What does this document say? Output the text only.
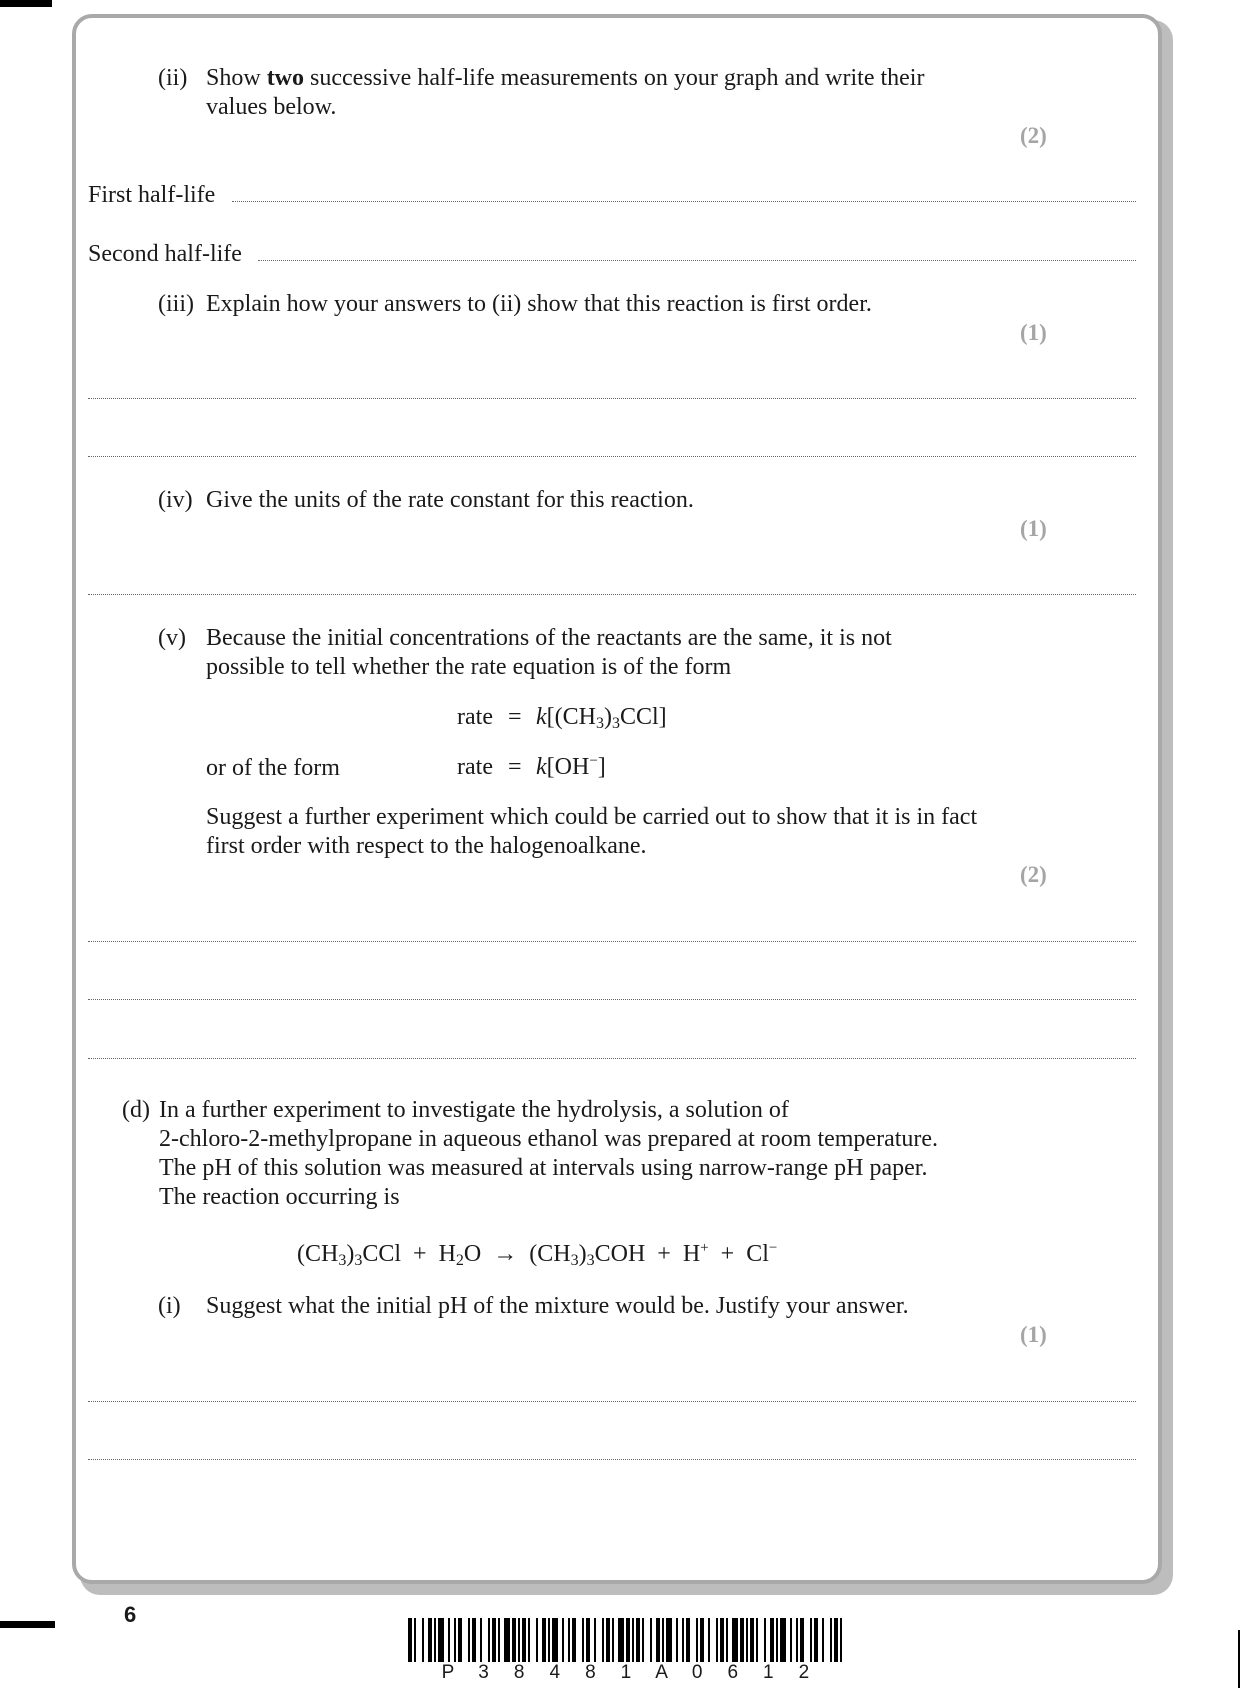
(ii) Show two successive half-life measurements on your graph and write their
values below.
(2)
First half-life
Second half-life
(iii) Explain how your answers to (ii) show that this reaction is first order.
(1)
(iv) Give the units of the rate constant for this reaction.
(1)
(v) Because the initial concentrations of the reactants are the same, it is not
possible to tell whether the rate equation is of the form
rate = $k[(CH_3)_3CCl]$
or of the form	rate = k[OH−]
Suggest a further experiment which could be carried out to show that it is in fact
first order with respect to the halogenoalkane.
(2)
(d) In a further experiment to investigate the hydrolysis, a solution of
2-chloro-2-methylpropane in aqueous ethanol was prepared at room temperature.
The pH of this solution was measured at intervals using narrow-range pH paper.
The reaction occurring is
$(CH_3)_3CCl + H_2O \to (CH_3)_3COH + H^+ + Cl^-$
(i) Suggest what the initial pH of the mixture would be. Justify your answer.
(1)
6
P 3 8 4 8 1 A 0 6 1 2
